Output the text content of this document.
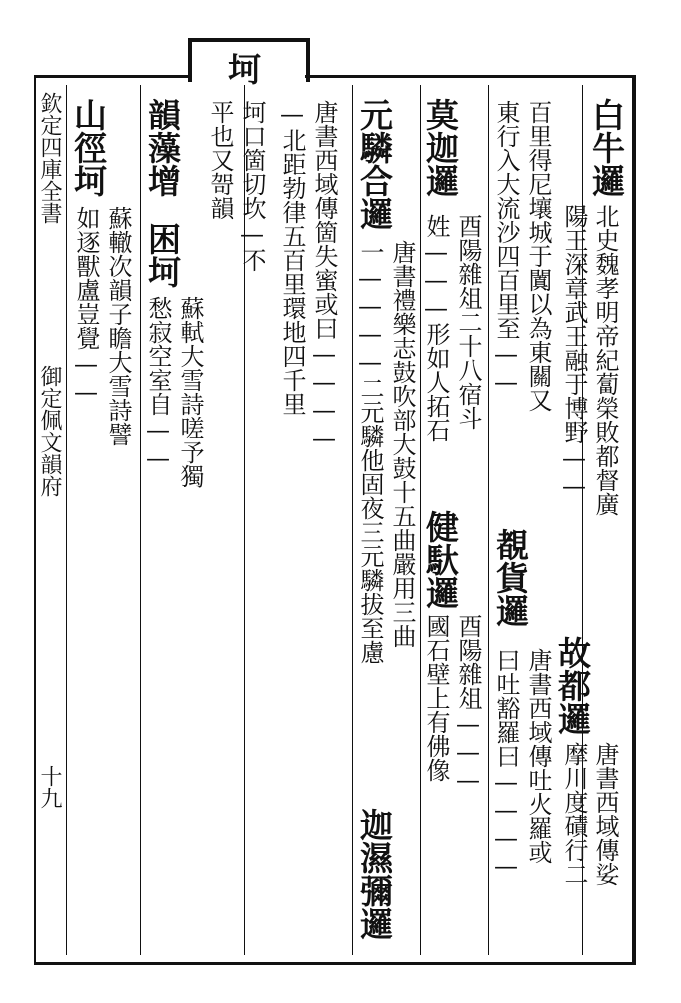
欽定四庫全書
御定佩文韻府
十九
坷
白牛邏
北史魏孝明帝紀蔔榮敗都督廣
陽王深章武王融于博野——
故都邏
唐書西域傳娑
摩川度磧行二
百里得尼壤城于闐以為東關又
東行入大流沙四百里至——
覩貨邏
唐書西域傳吐火羅或
曰吐豁羅曰————
莫迦邏
酉陽雜俎二十八宿斗
姓———形如人拓石
健馱邏
酉陽雜俎———
國石壁上有佛像
元驎合邏
唐書禮樂志鼓吹部大鼓十五曲嚴用三曲
一————二元驎他固夜三元驎拔至慮
迦濕彌邏
唐書西域傳箇失蜜或曰————
—北距勃律五百里環地四千里
坷口箇切坎—不
平也又哿韻
韻藻增
困坷
蘇軾大雪詩嗟予獨
愁寂空室自——
山徑坷
蘇轍次韻子瞻大雪詩譬
如逐獸盧豈覺——
